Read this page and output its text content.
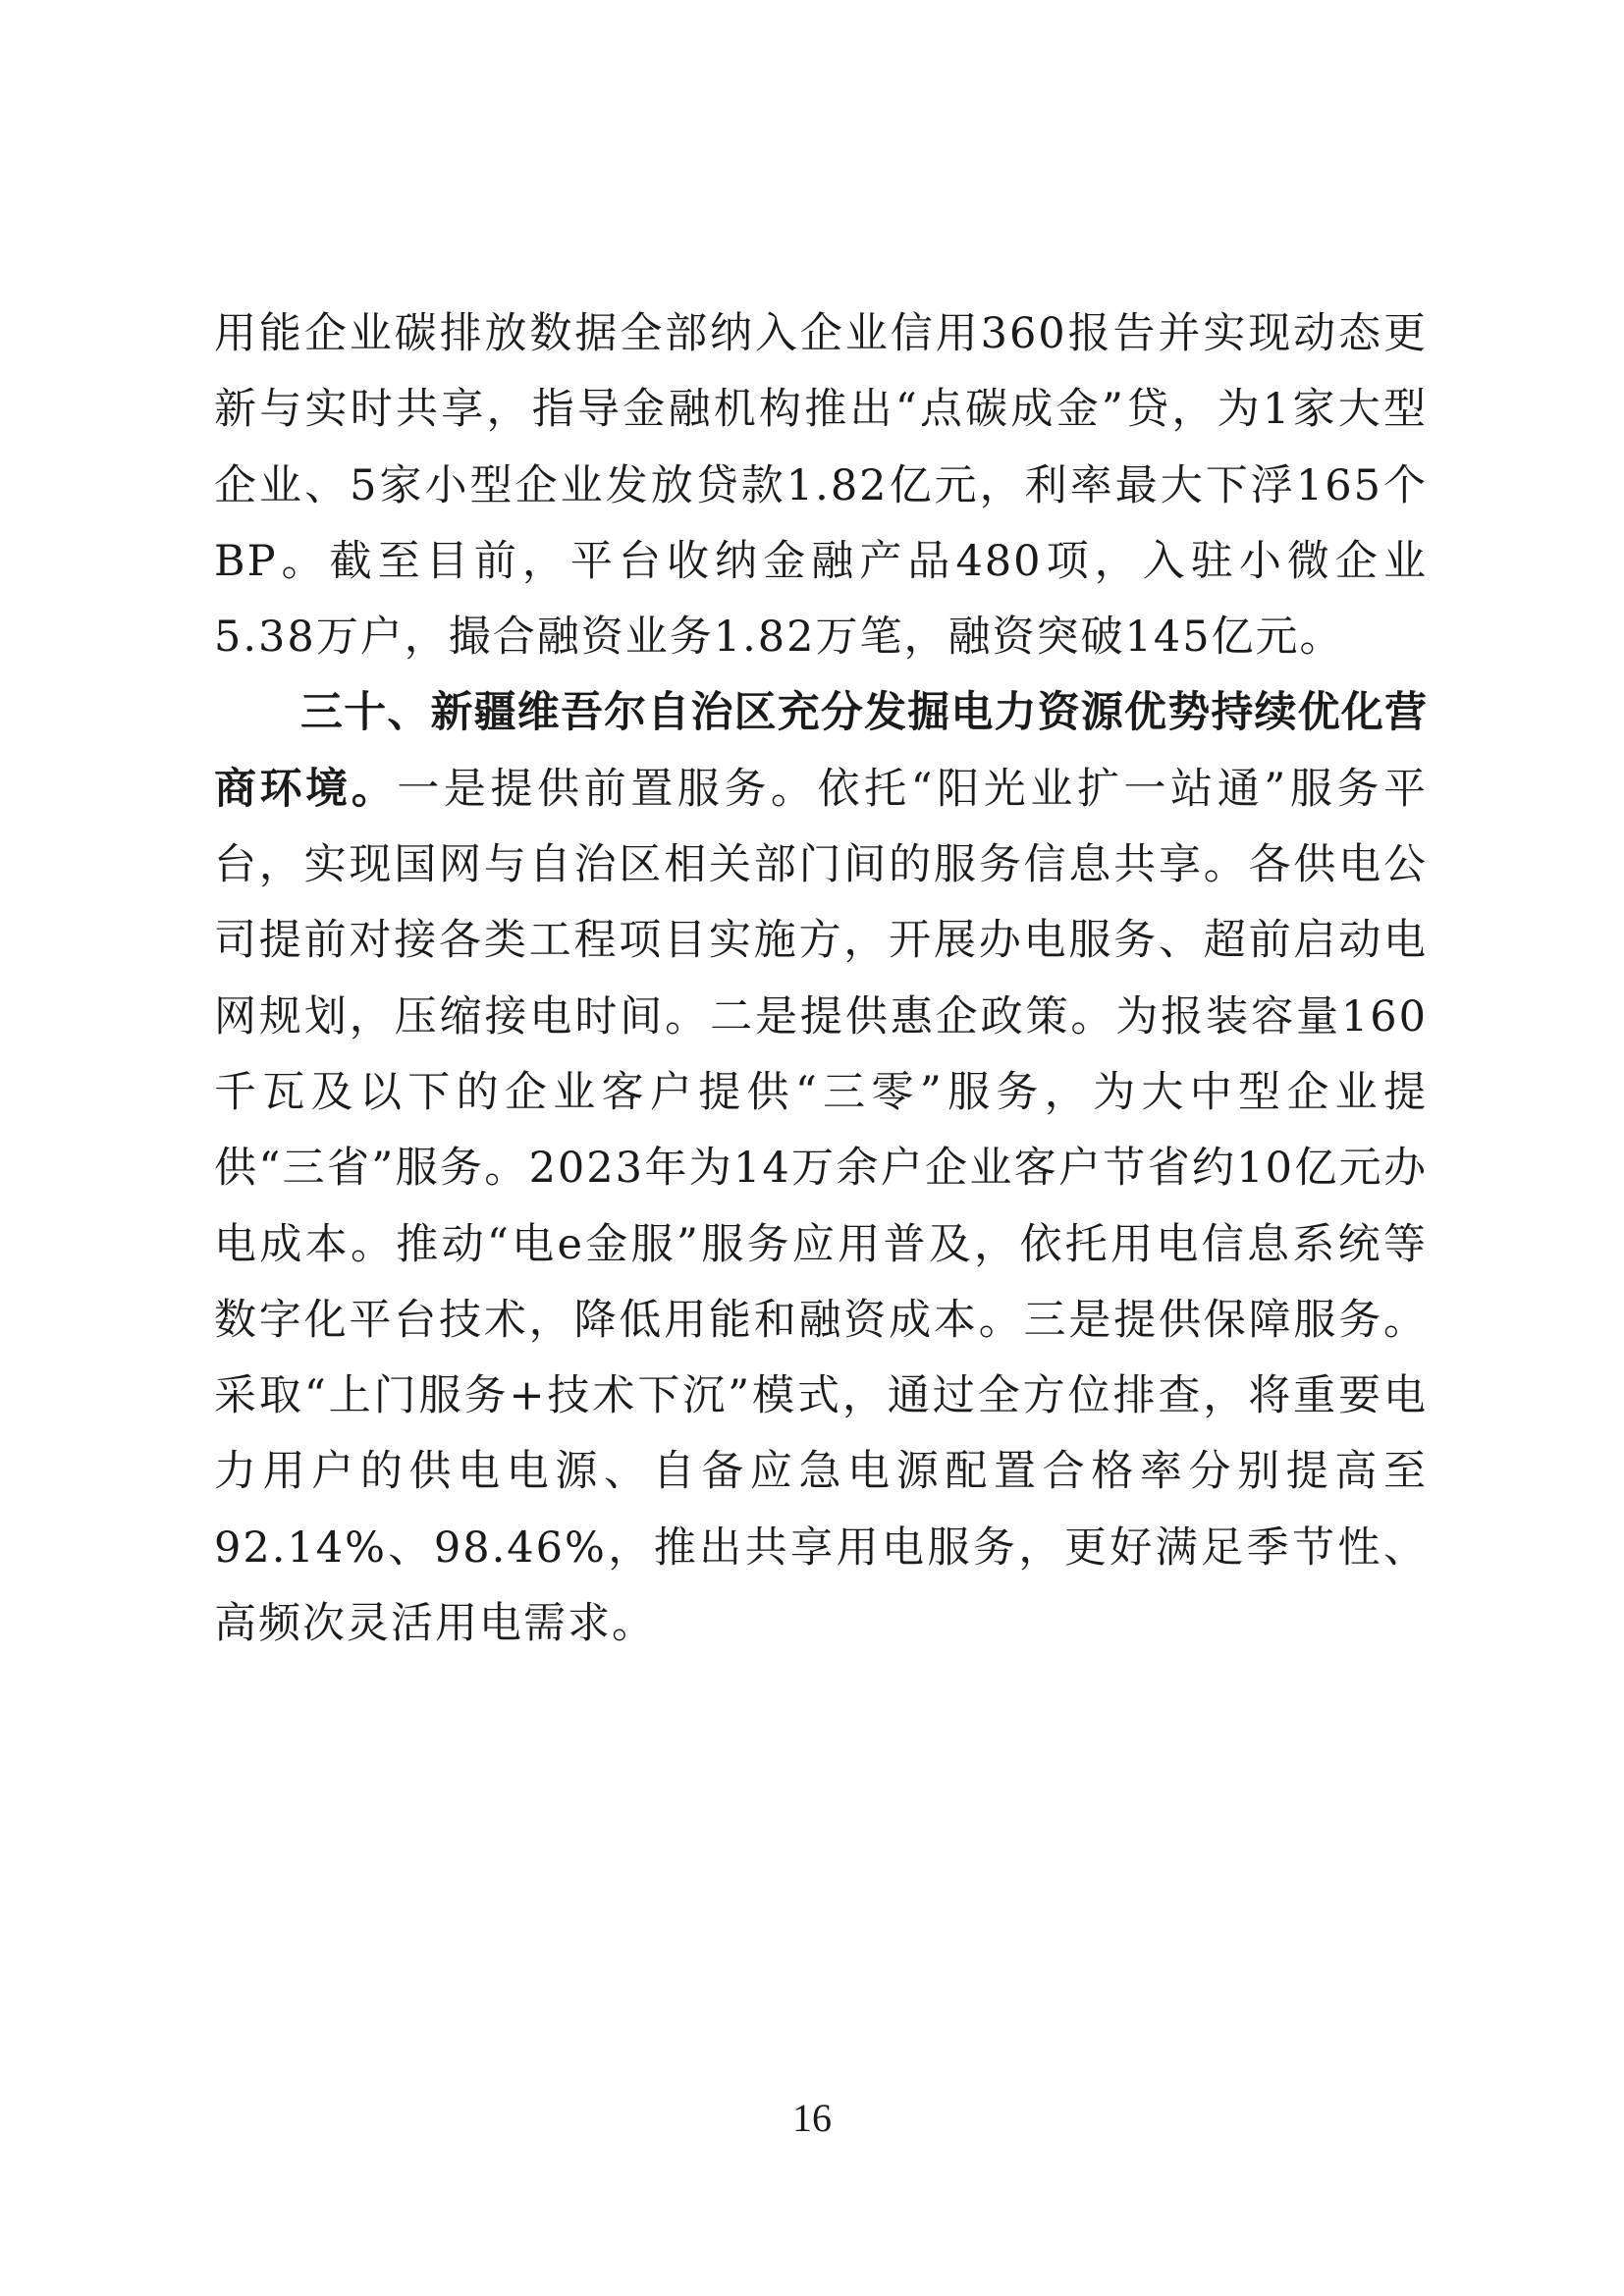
用能企业碳排放数据全部纳入企业信用360报告并实现动态更新与实时共享，指导金融机构推出“点碳成金”贷，为1家大型企业、5家小型企业发放贷款1.82亿元，利率最大下浮165个BP。截至目前，平台收纳金融产品480项，入驻小微企业5.38万户，撮合融资业务1.82万笔，融资突破145亿元。

三十、新疆维吾尔自治区充分发掘电力资源优势持续优化营商环境。一是提供前置服务。依托“阳光业扩一站通”服务平台，实现国网与自治区相关部门间的服务信息共享。各供电公司提前对接各类工程项目实施方，开展办电服务、超前启动电网规划，压缩接电时间。二是提供惠企政策。为报装容量160千瓦及以下的企业客户提供“三零”服务，为大中型企业提供“三省”服务。2023年为14万余户企业客户节省约10亿元办电成本。推动“电e金服”服务应用普及，依托用电信息系统等数字化平台技术，降低用能和融资成本。三是提供保障服务。采取“上门服务+技术下沉”模式，通过全方位排查，将重要电力用户的供电电源、自备应急电源配置合格率分别提高至92.14%、98.46%，推出共享用电服务，更好满足季节性、高频次灵活用电需求。

16
